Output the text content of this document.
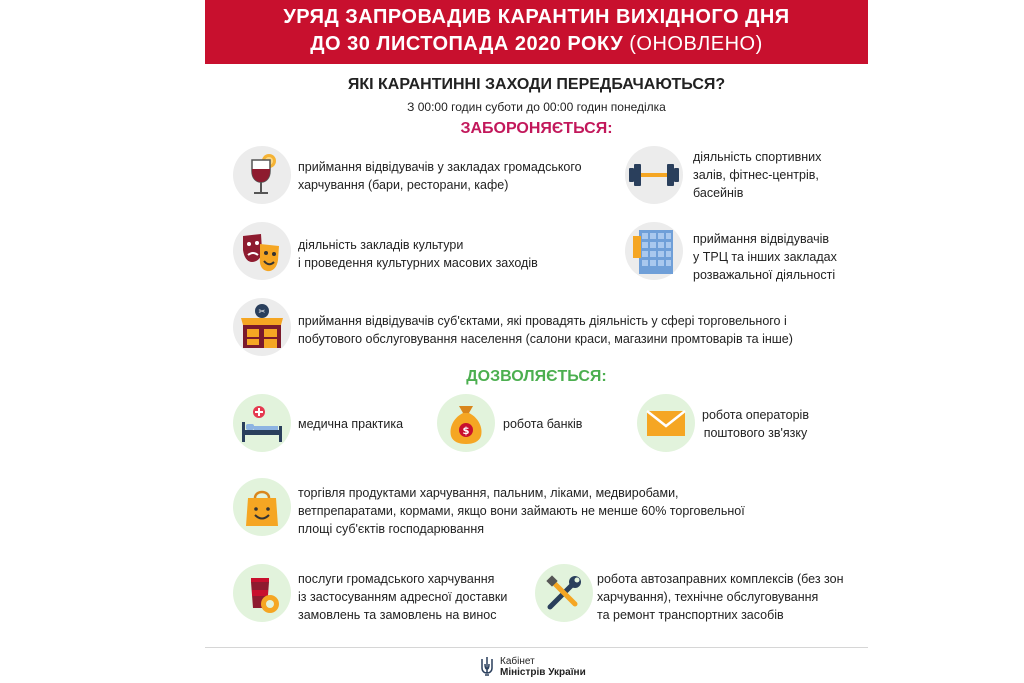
УРЯД ЗАПРОВАДИВ КАРАНТИН ВИХІДНОГО ДНЯ
ДО 30 ЛИСТОПАДА 2020 РОКУ (ОНОВЛЕНО)
ЯКІ КАРАНТИННІ ЗАХОДИ ПЕРЕДБАЧАЮТЬСЯ?
З 00:00 годин суботи до 00:00 годин понеділка
ЗАБОРОНЯЄТЬСЯ:
приймання відвідувачів у закладах громадського
харчування (бари, ресторани, кафе)
діяльність спортивних
залів, фітнес-центрів,
басейнів
діяльність закладів культури
і проведення культурних масових заходів
приймання відвідувачів
у ТРЦ та інших закладах
розважальної діяльності
✂
приймання відвідувачів суб'єктами, які провадять діяльність у сфері торговельного і
побутового обслуговування населення (салони краси, магазини промтоварів та інше)
ДОЗВОЛЯЄТЬСЯ:
медична практика
$
робота банків
робота операторів
поштового зв'язку
торгівля продуктами харчування, пальним, ліками, медвиробами,
ветпрепаратами, кормами, якщо вони займають не менше 60% торговельної
площі суб'єктів господарювання
послуги громадського харчування
із застосуванням адресної доставки
замовлень та замовлень на винос
робота автозаправних комплексів (без зон
харчування), технічне обслуговування
та ремонт транспортних засобів
Кабінет
Міністрів України
